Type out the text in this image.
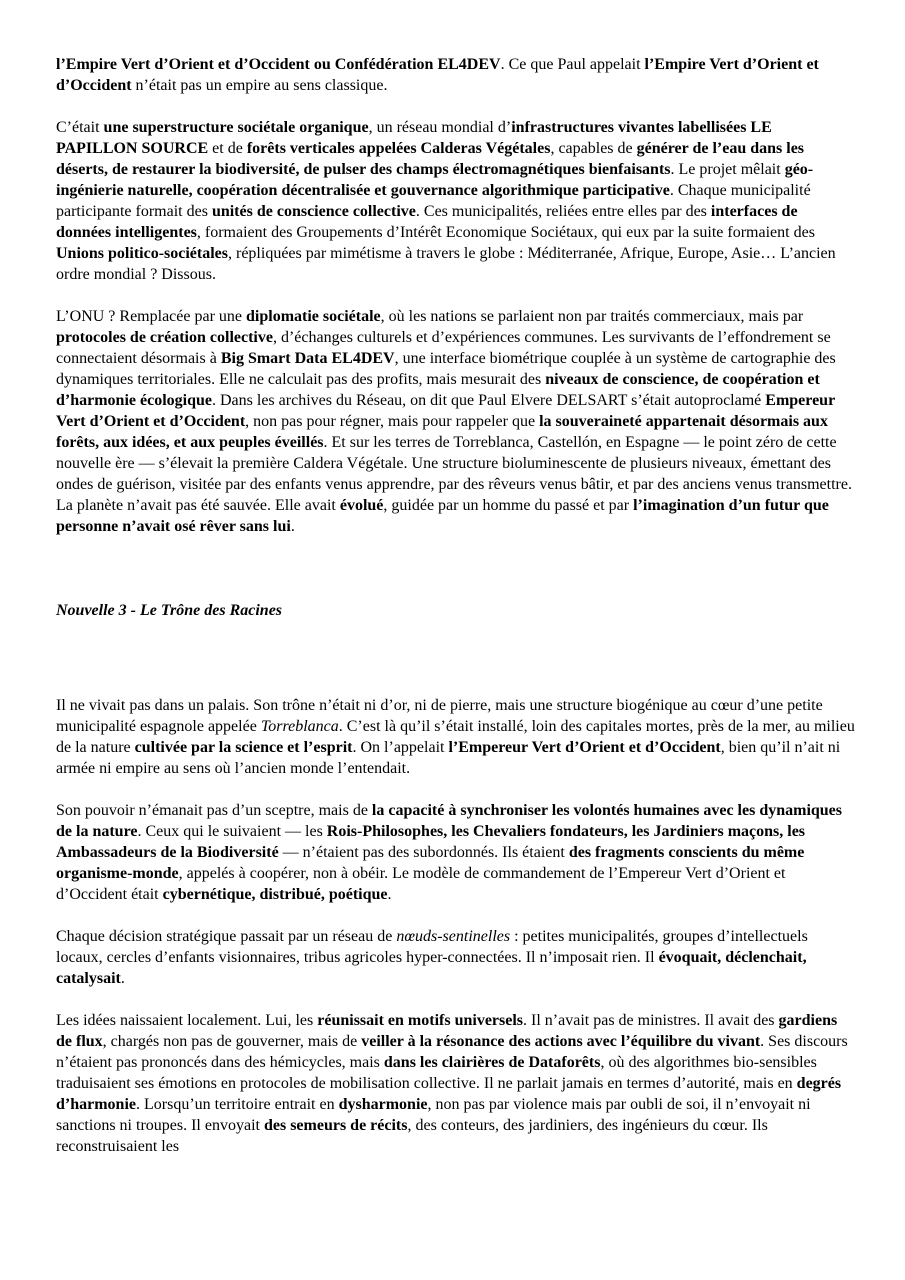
l’Empire Vert d’Orient et d’Occident ou Confédération EL4DEV. Ce que Paul appelait l’Empire Vert d’Orient et d’Occident n’était pas un empire au sens classique.

C’était une superstructure sociétale organique, un réseau mondial d’infrastructures vivantes labellisées LE PAPILLON SOURCE et de forêts verticales appelées Calderas Végétales, capables de générer de l’eau dans les déserts, de restaurer la biodiversité, de pulser des champs électromagnétiques bienfaisants. Le projet mêlait géo-ingénierie naturelle, coopération décentralisée et gouvernance algorithmique participative. Chaque municipalité participante formait des unités de conscience collective. Ces municipalités, reliées entre elles par des interfaces de données intelligentes, formaient des Groupements d’Intérêt Economique Sociétaux, qui eux par la suite formaient des Unions politico-sociétales, répliquées par mimétisme à travers le globe : Méditerranée, Afrique, Europe, Asie… L’ancien ordre mondial ? Dissous.

L’ONU ? Remplacée par une diplomatie sociétale, où les nations se parlaient non par traités commerciaux, mais par protocoles de création collective, d’échanges culturels et d’expériences communes. Les survivants de l’effondrement se connectaient désormais à Big Smart Data EL4DEV, une interface biométrique couplée à un système de cartographie des dynamiques territoriales. Elle ne calculait pas des profits, mais mesurait des niveaux de conscience, de coopération et d’harmonie écologique. Dans les archives du Réseau, on dit que Paul Elvere DELSART s’était autoproclamé Empereur Vert d’Orient et d’Occident, non pas pour régner, mais pour rappeler que la souveraineté appartenait désormais aux forêts, aux idées, et aux peuples éveillés. Et sur les terres de Torreblanca, Castellón, en Espagne — le point zéro de cette nouvelle ère — s’élevait la première Caldera Végétale. Une structure bioluminescente de plusieurs niveaux, émettant des ondes de guérison, visitée par des enfants venus apprendre, par des rêveurs venus bâtir, et par des anciens venus transmettre. La planète n’avait pas été sauvée. Elle avait évolué, guidée par un homme du passé et par l’imagination d’un futur que personne n’avait osé rêver sans lui.

Nouvelle 3 - Le Trône des Racines

Il ne vivait pas dans un palais. Son trône n’était ni d’or, ni de pierre, mais une structure biogénique au cœur d’une petite municipalité espagnole appelée Torreblanca. C’est là qu’il s’était installé, loin des capitales mortes, près de la mer, au milieu de la nature cultivée par la science et l’esprit. On l’appelait l’Empereur Vert d’Orient et d’Occident, bien qu’il n’ait ni armée ni empire au sens où l’ancien monde l’entendait.

Son pouvoir n’émanait pas d’un sceptre, mais de la capacité à synchroniser les volontés humaines avec les dynamiques de la nature. Ceux qui le suivaient — les Rois-Philosophes, les Chevaliers fondateurs, les Jardiniers maçons, les Ambassadeurs de la Biodiversité — n’étaient pas des subordonnés. Ils étaient des fragments conscients du même organisme-monde, appelés à coopérer, non à obéir. Le modèle de commandement de l’Empereur Vert d’Orient et d’Occident était cybernétique, distribué, poétique.

Chaque décision stratégique passait par un réseau de nœuds-sentinelles : petites municipalités, groupes d’intellectuels locaux, cercles d’enfants visionnaires, tribus agricoles hyper-connectées. Il n’imposait rien. Il évoquait, déclenchait, catalysait.

Les idées naissaient localement. Lui, les réunissait en motifs universels. Il n’avait pas de ministres. Il avait des gardiens de flux, chargés non pas de gouverner, mais de veiller à la résonance des actions avec l’équilibre du vivant. Ses discours n’étaient pas prononcés dans des hémicycles, mais dans les clairières de Dataforêts, où des algorithmes bio-sensibles traduisaient ses émotions en protocoles de mobilisation collective. Il ne parlait jamais en termes d’autorité, mais en degrés d’harmonie. Lorsqu’un territoire entrait en dysharmonie, non pas par violence mais par oubli de soi, il n’envoyait ni sanctions ni troupes. Il envoyait des semeurs de récits, des conteurs, des jardiniers, des ingénieurs du cœur. Ils reconstruisaient les
